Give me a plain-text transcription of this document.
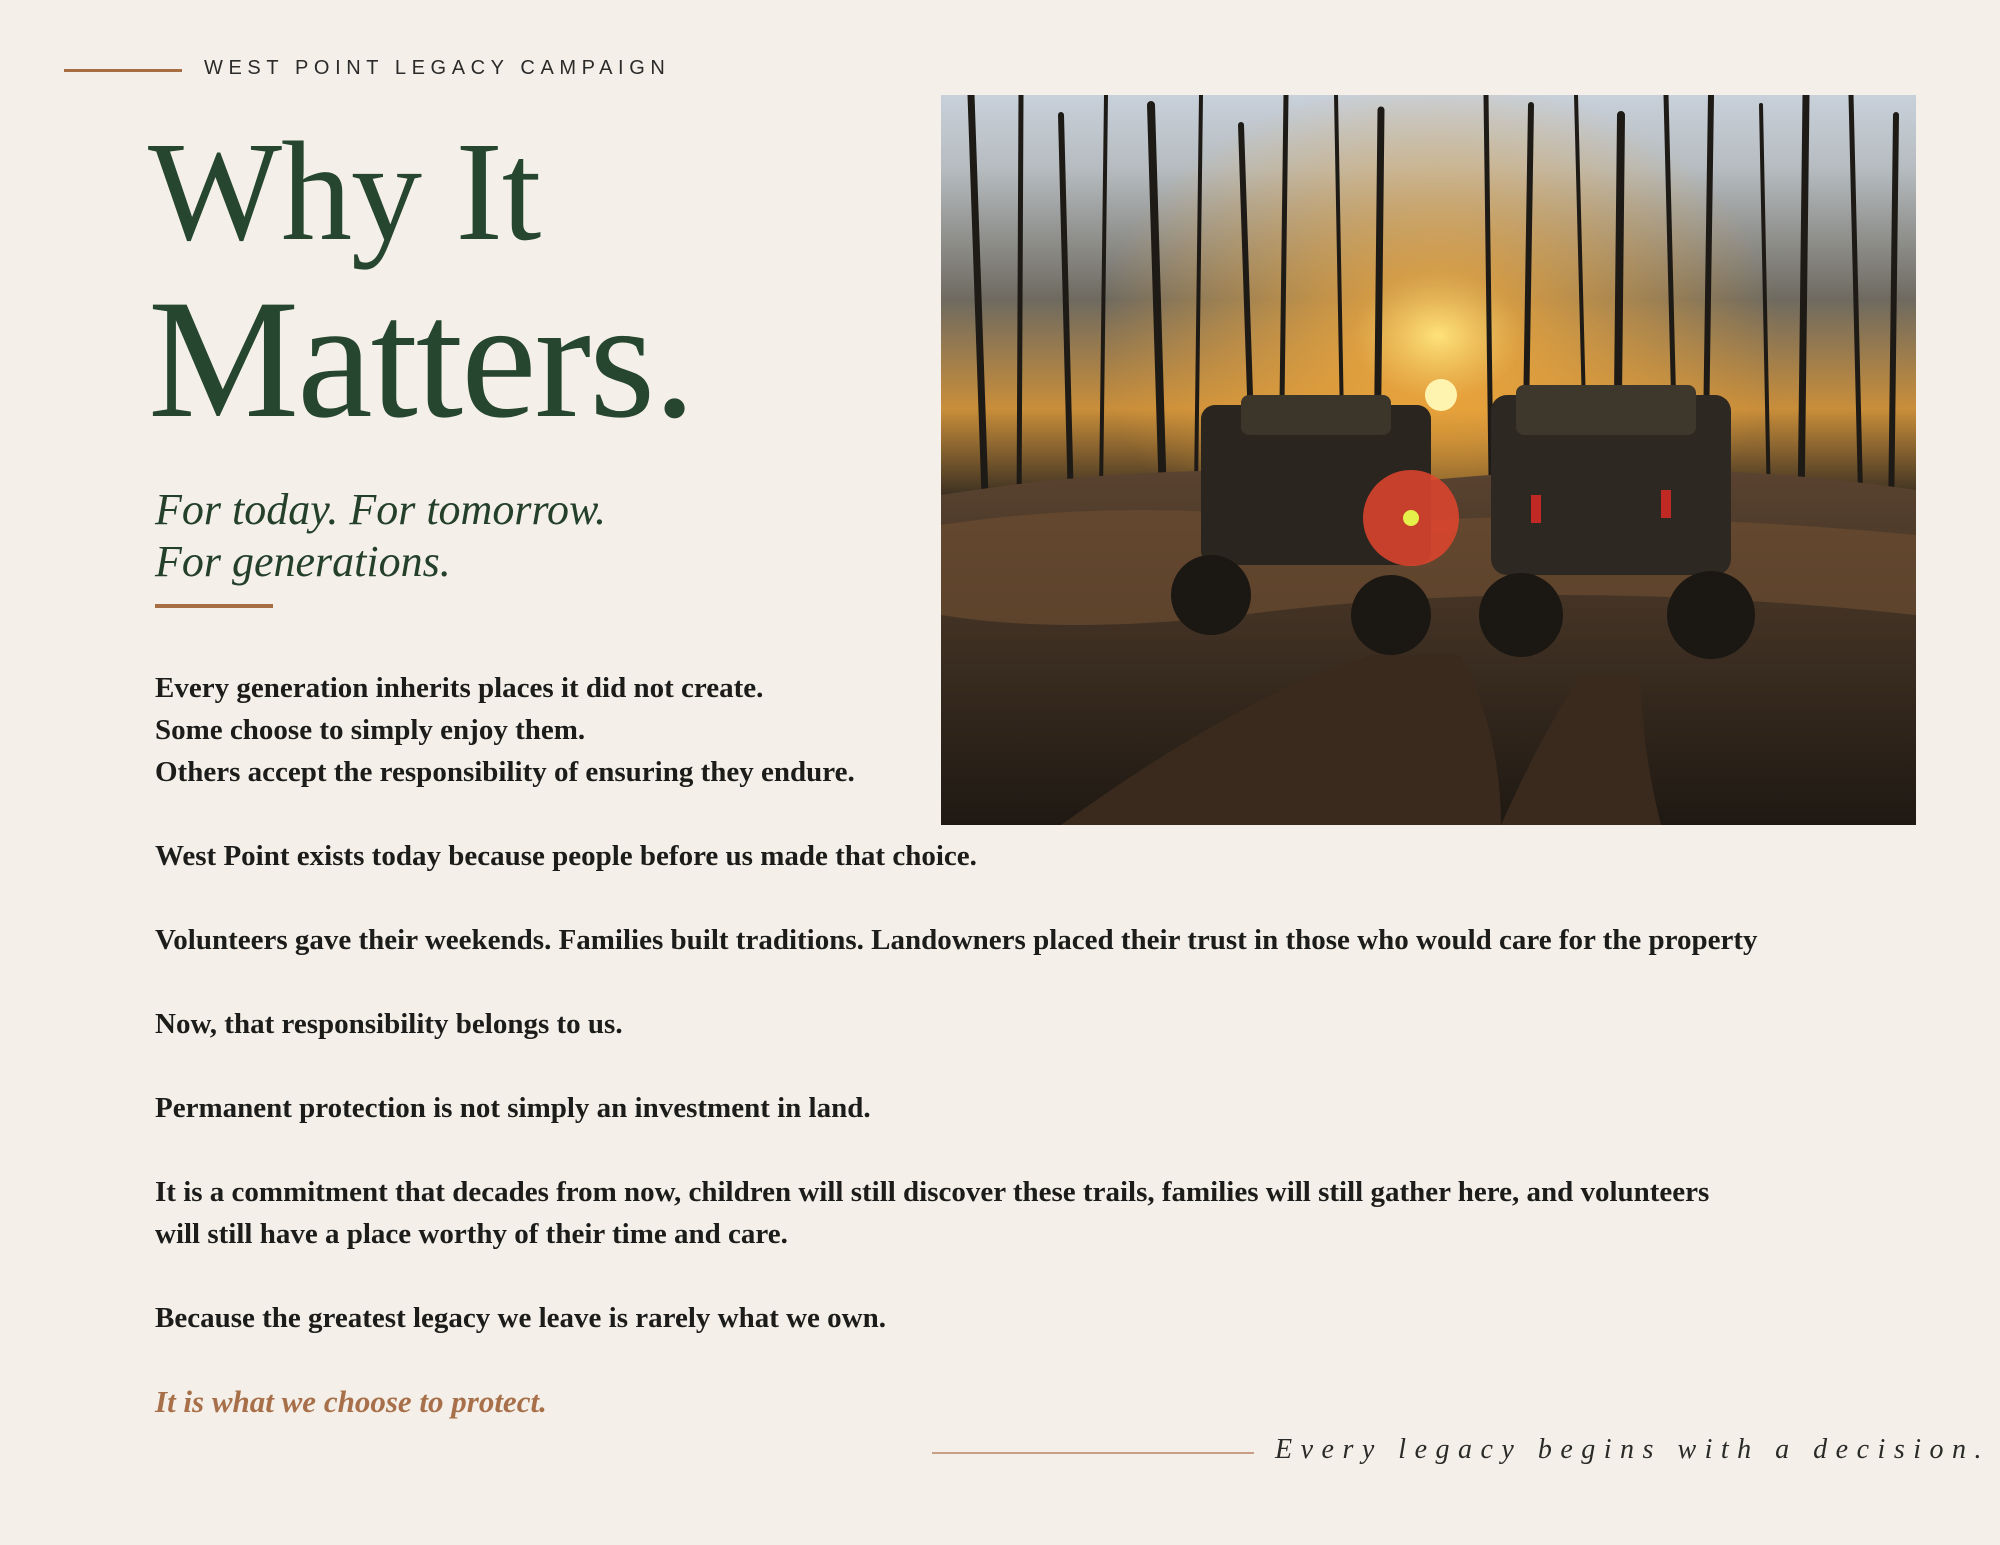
WEST POINT LEGACY CAMPAIGN
Why It
Matters.
For today. For tomorrow.
For generations.

Every generation inherits places it did not create.
Some choose to simply enjoy them.
Others accept the responsibility of ensuring they endure.

West Point exists today because people before us made that choice.

Volunteers gave their weekends. Families built traditions. Landowners placed their trust in those who would care for the property

Now, that responsibility belongs to us.

Permanent protection is not simply an investment in land.

It is a commitment that decades from now, children will still discover these trails, families will still gather here, and volunteers
will still have a place worthy of their time and care.

Because the greatest legacy we leave is rarely what we own.

It is what we choose to protect.
Every legacy begins with a decision.
